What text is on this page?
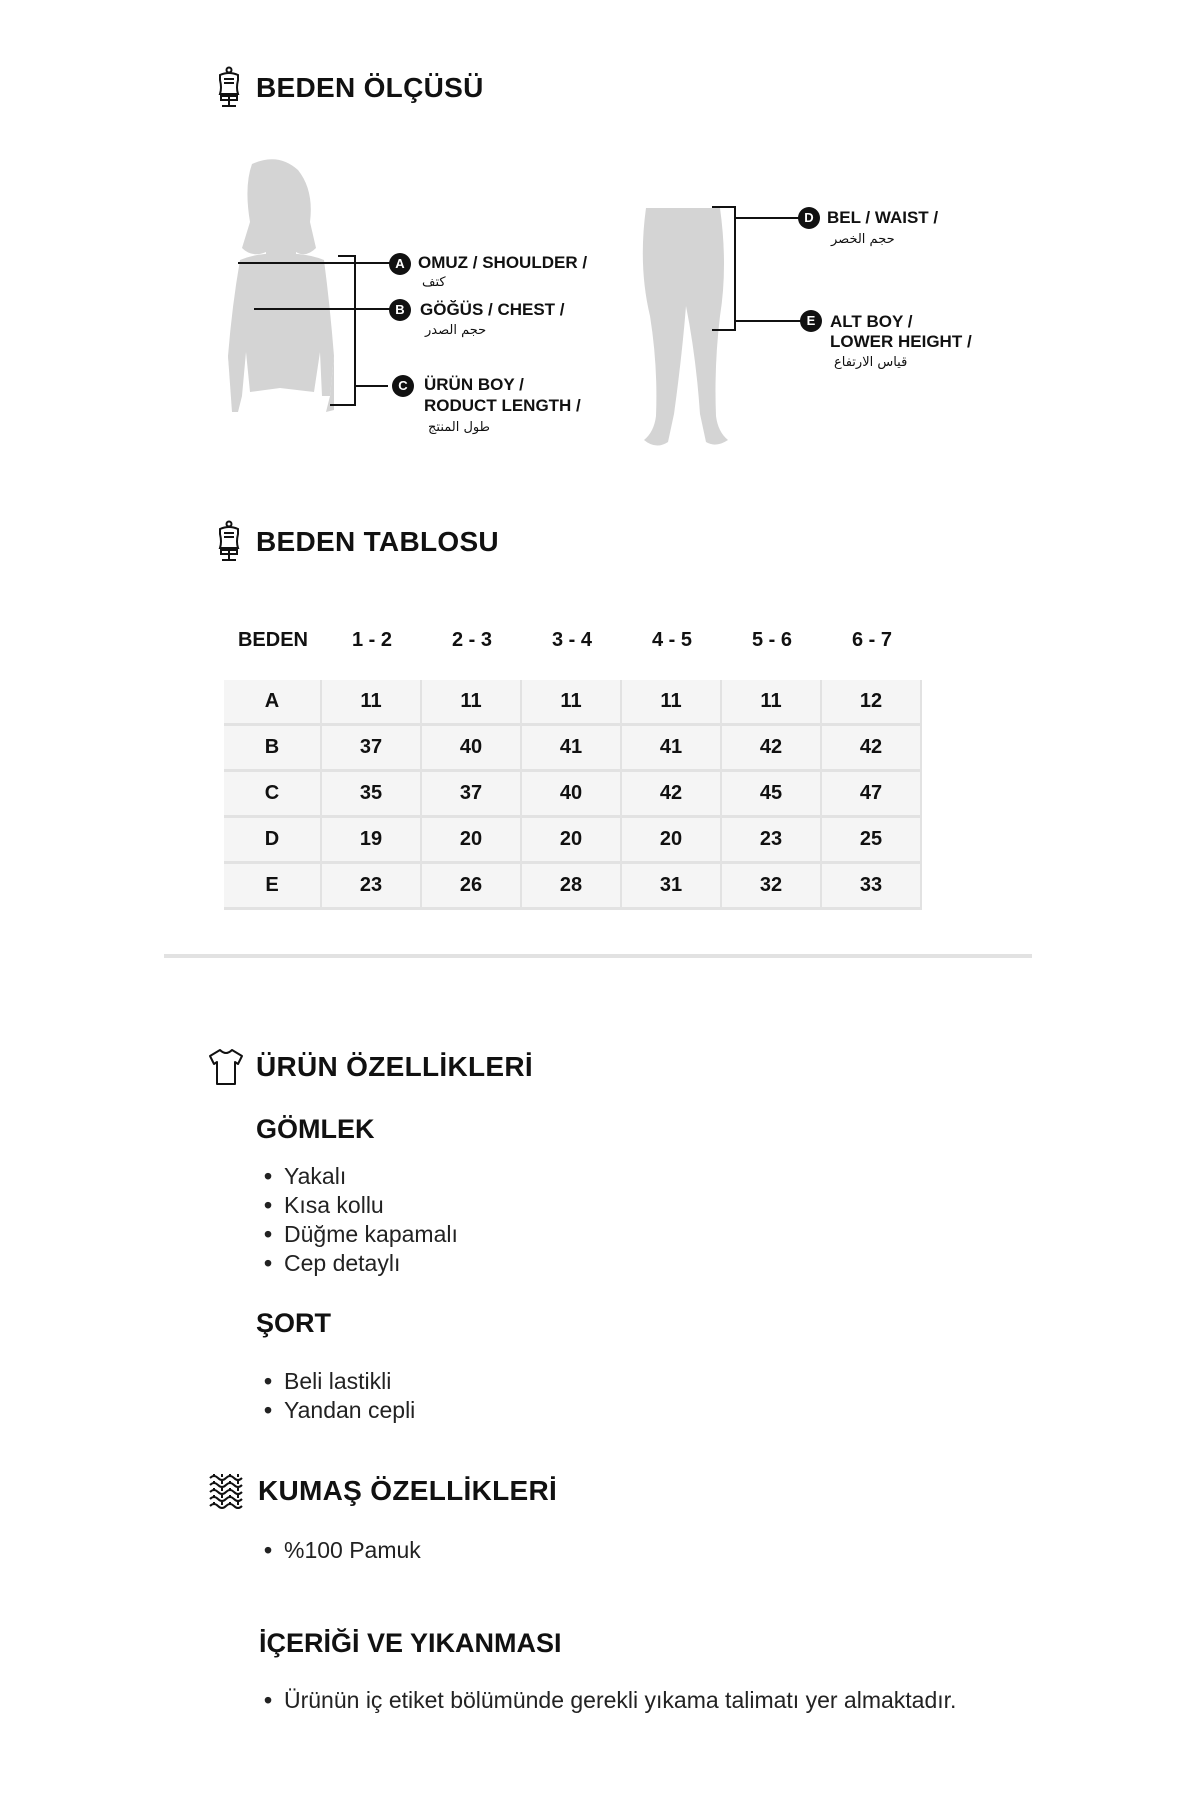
BEDEN ÖLÇÜSÜ
A OMUZ / SHOULDER /
كتف
B GÖĞÜS / CHEST /
حجم الصدر
C ÜRÜN BOY /
RODUCT LENGTH /
طول المنتج
D BEL / WAIST /
حجم الخصر
E ALT BOY /
LOWER HEIGHT /
قياس الارتفاع
BEDEN TABLOSU
BEDEN	1 - 2	2 - 3	3 - 4	4 - 5	5 - 6	6 - 7
A	11	11	11	11	11	12
B	37	40	41	41	42	42
C	35	37	40	42	45	47
D	19	20	20	20	23	25
E	23	26	28	31	32	33
ÜRÜN ÖZELLİKLERİ
GÖMLEK
• Yakalı
• Kısa kollu
• Düğme kapamalı
• Cep detaylı
ŞORT
• Beli lastikli
• Yandan cepli
KUMAŞ ÖZELLİKLERİ
• %100 Pamuk
İÇERİĞİ VE YIKANMASI
• Ürünün iç etiket bölümünde gerekli yıkama talimatı yer almaktadır.
